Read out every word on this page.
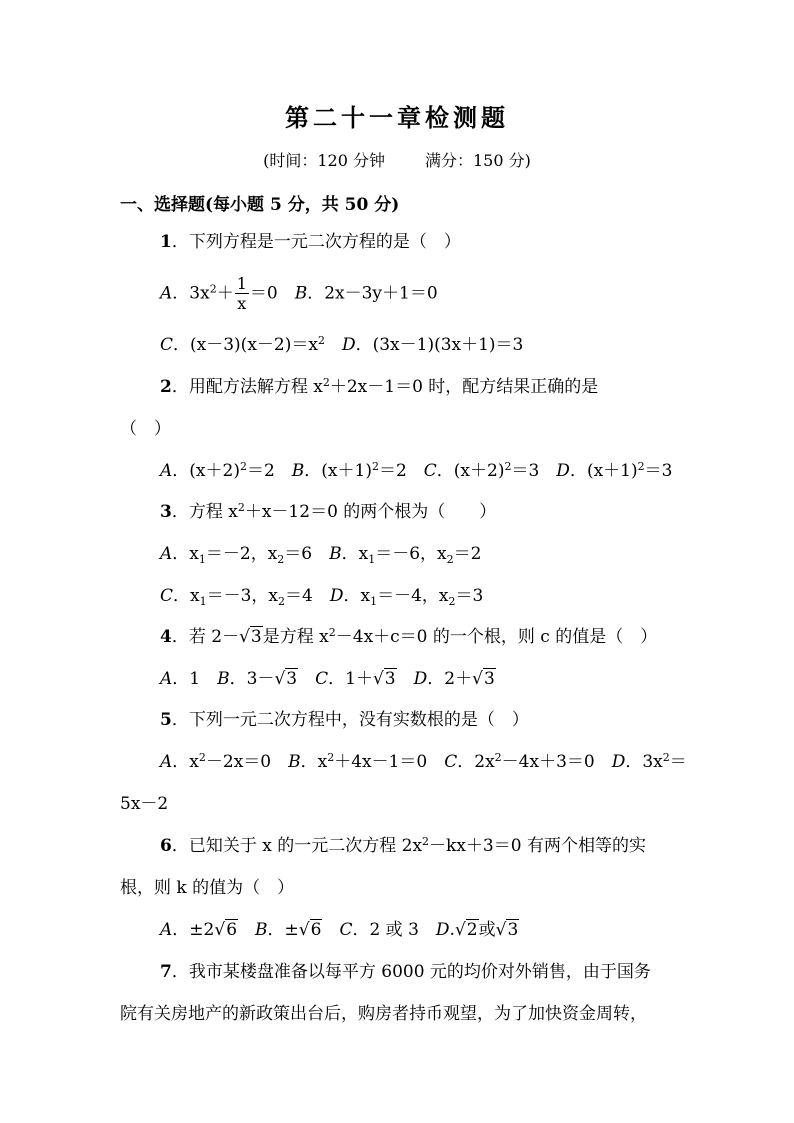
第二十一章检测题
(时间：120 分钟	满分：150 分)
一、选择题(每小题 5 分，共 50 分)
1．下列方程是一元二次方程的是（　）
A．$3x^2+ \frac{1}{x} =0$　B．2x－3y＋1＝0
C．$(x-3)(x-2)=x^2$　 D．(3x－1)(3x＋1)＝3
2．用配方法解方程 $x^2+2x-1=0$ 时，配方结果正确的是
（　）
A．$(x+2)^2=2$　B．$(x+1)^2=2$　C．$(x+2)^2=3$　D．$(x+1)^2=3$
3．方程 $x^2+x-12=0$ 的两个根为（　　）
A．$x_1=-2$，$x_2=6$　B．$x_1=-6$，$x_2=2$
C．$x_1=-3$，$x_2=4$　D．$x_1=-4$，$x_2=3$
4．若 2－√3是方程 $x^2-4x+c=0$ 的一个根，则 c 的值是（　）
A．1　B．3－√3　 C．1＋√3　 D．2＋√3
5．下列一元二次方程中，没有实数根的是（　）
A．$x^2-2x=0$　B．$x^2+4x-1=0$　C．$2x^2-4x+3=0$　D．$3x^2=$
5x－2
6．已知关于 x 的一元二次方程 $2x^2-kx+3=0$ 有两个相等的实
根，则 k 的值为（　）
A．±2√6　 B．±√6　 C．2 或 3　D.√2或√3
7．我市某楼盘准备以每平方 6000 元的均价对外销售，由于国务
院有关房地产的新政策出台后，购房者持币观望，为了加快资金周转，
